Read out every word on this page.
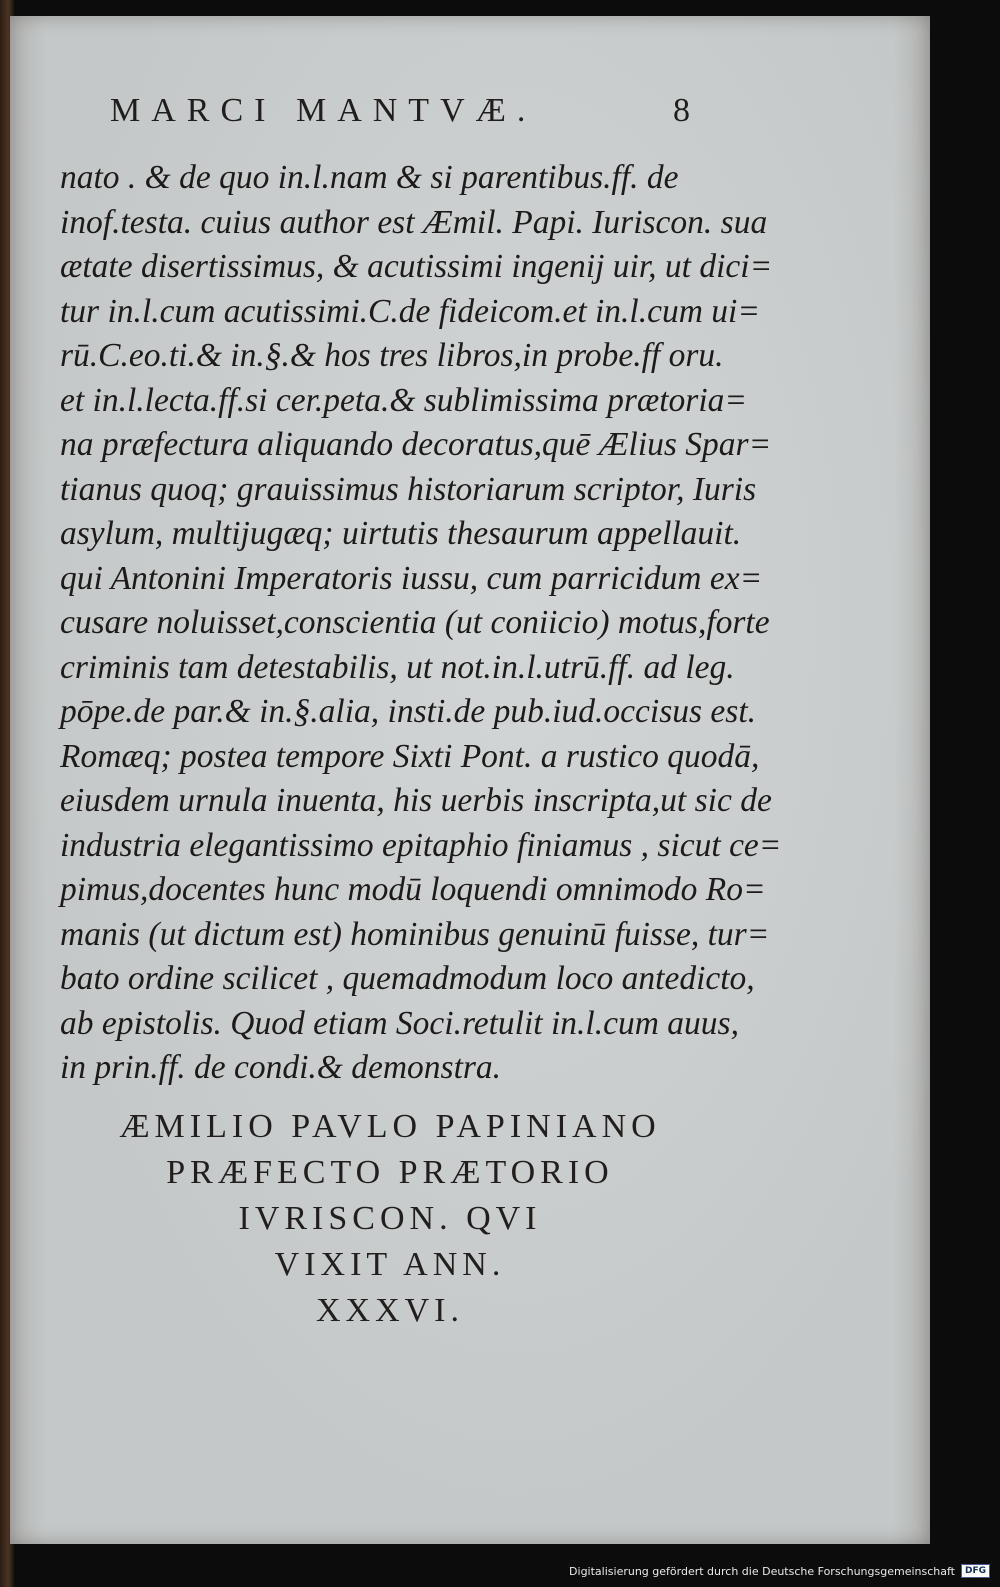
MARCI MANTVÆ.	8
nato . & de quo in.l.nam & si parentibus.ff. de
inof.testa. cuius author est Æmil. Papi. Iuriscon. sua
ætate disertissimus, & acutissimi ingenij uir, ut dici=
tur in.l.cum acutissimi.C.de fideicom.et in.l.cum ui=
rū.C.eo.ti.& in.§.& hos tres libros,in probe.ff oru.
et in.l.lecta.ff.si cer.peta.& sublimissima prætoria=
na præfectura aliquando decoratus,quē Ælius Spar=
tianus quoq; grauissimus historiarum scriptor, Iuris
asylum, multijugæq; uirtutis thesaurum appellauit.
qui Antonini Imperatoris iussu, cum parricidum ex=
cusare noluisset,conscientia (ut coniicio) motus,forte
criminis tam detestabilis, ut not.in.l.utrū.ff. ad leg.
pōpe.de par.& in.§.alia, insti.de pub.iud.occisus est.
Romæq; postea tempore Sixti Pont. a rustico quodā,
eiusdem urnula inuenta, his uerbis inscripta,ut sic de
industria elegantissimo epitaphio finiamus , sicut ce=
pimus,docentes hunc modū loquendi omnimodo Ro=
manis (ut dictum est) hominibus genuinū fuisse, tur=
bato ordine scilicet , quemadmodum loco antedicto,
ab epistolis. Quod etiam Soci.retulit in.l.cum auus,
in prin.ff. de condi.& demonstra.
ÆMILIO PAVLO PAPINIANO
PRÆFECTO PRÆTORIO
IVRISCON. QVI
VIXIT ANN.
XXXVI.
Digitalisierung gefördert durch die Deutsche Forschungsgemeinschaft	DFG
